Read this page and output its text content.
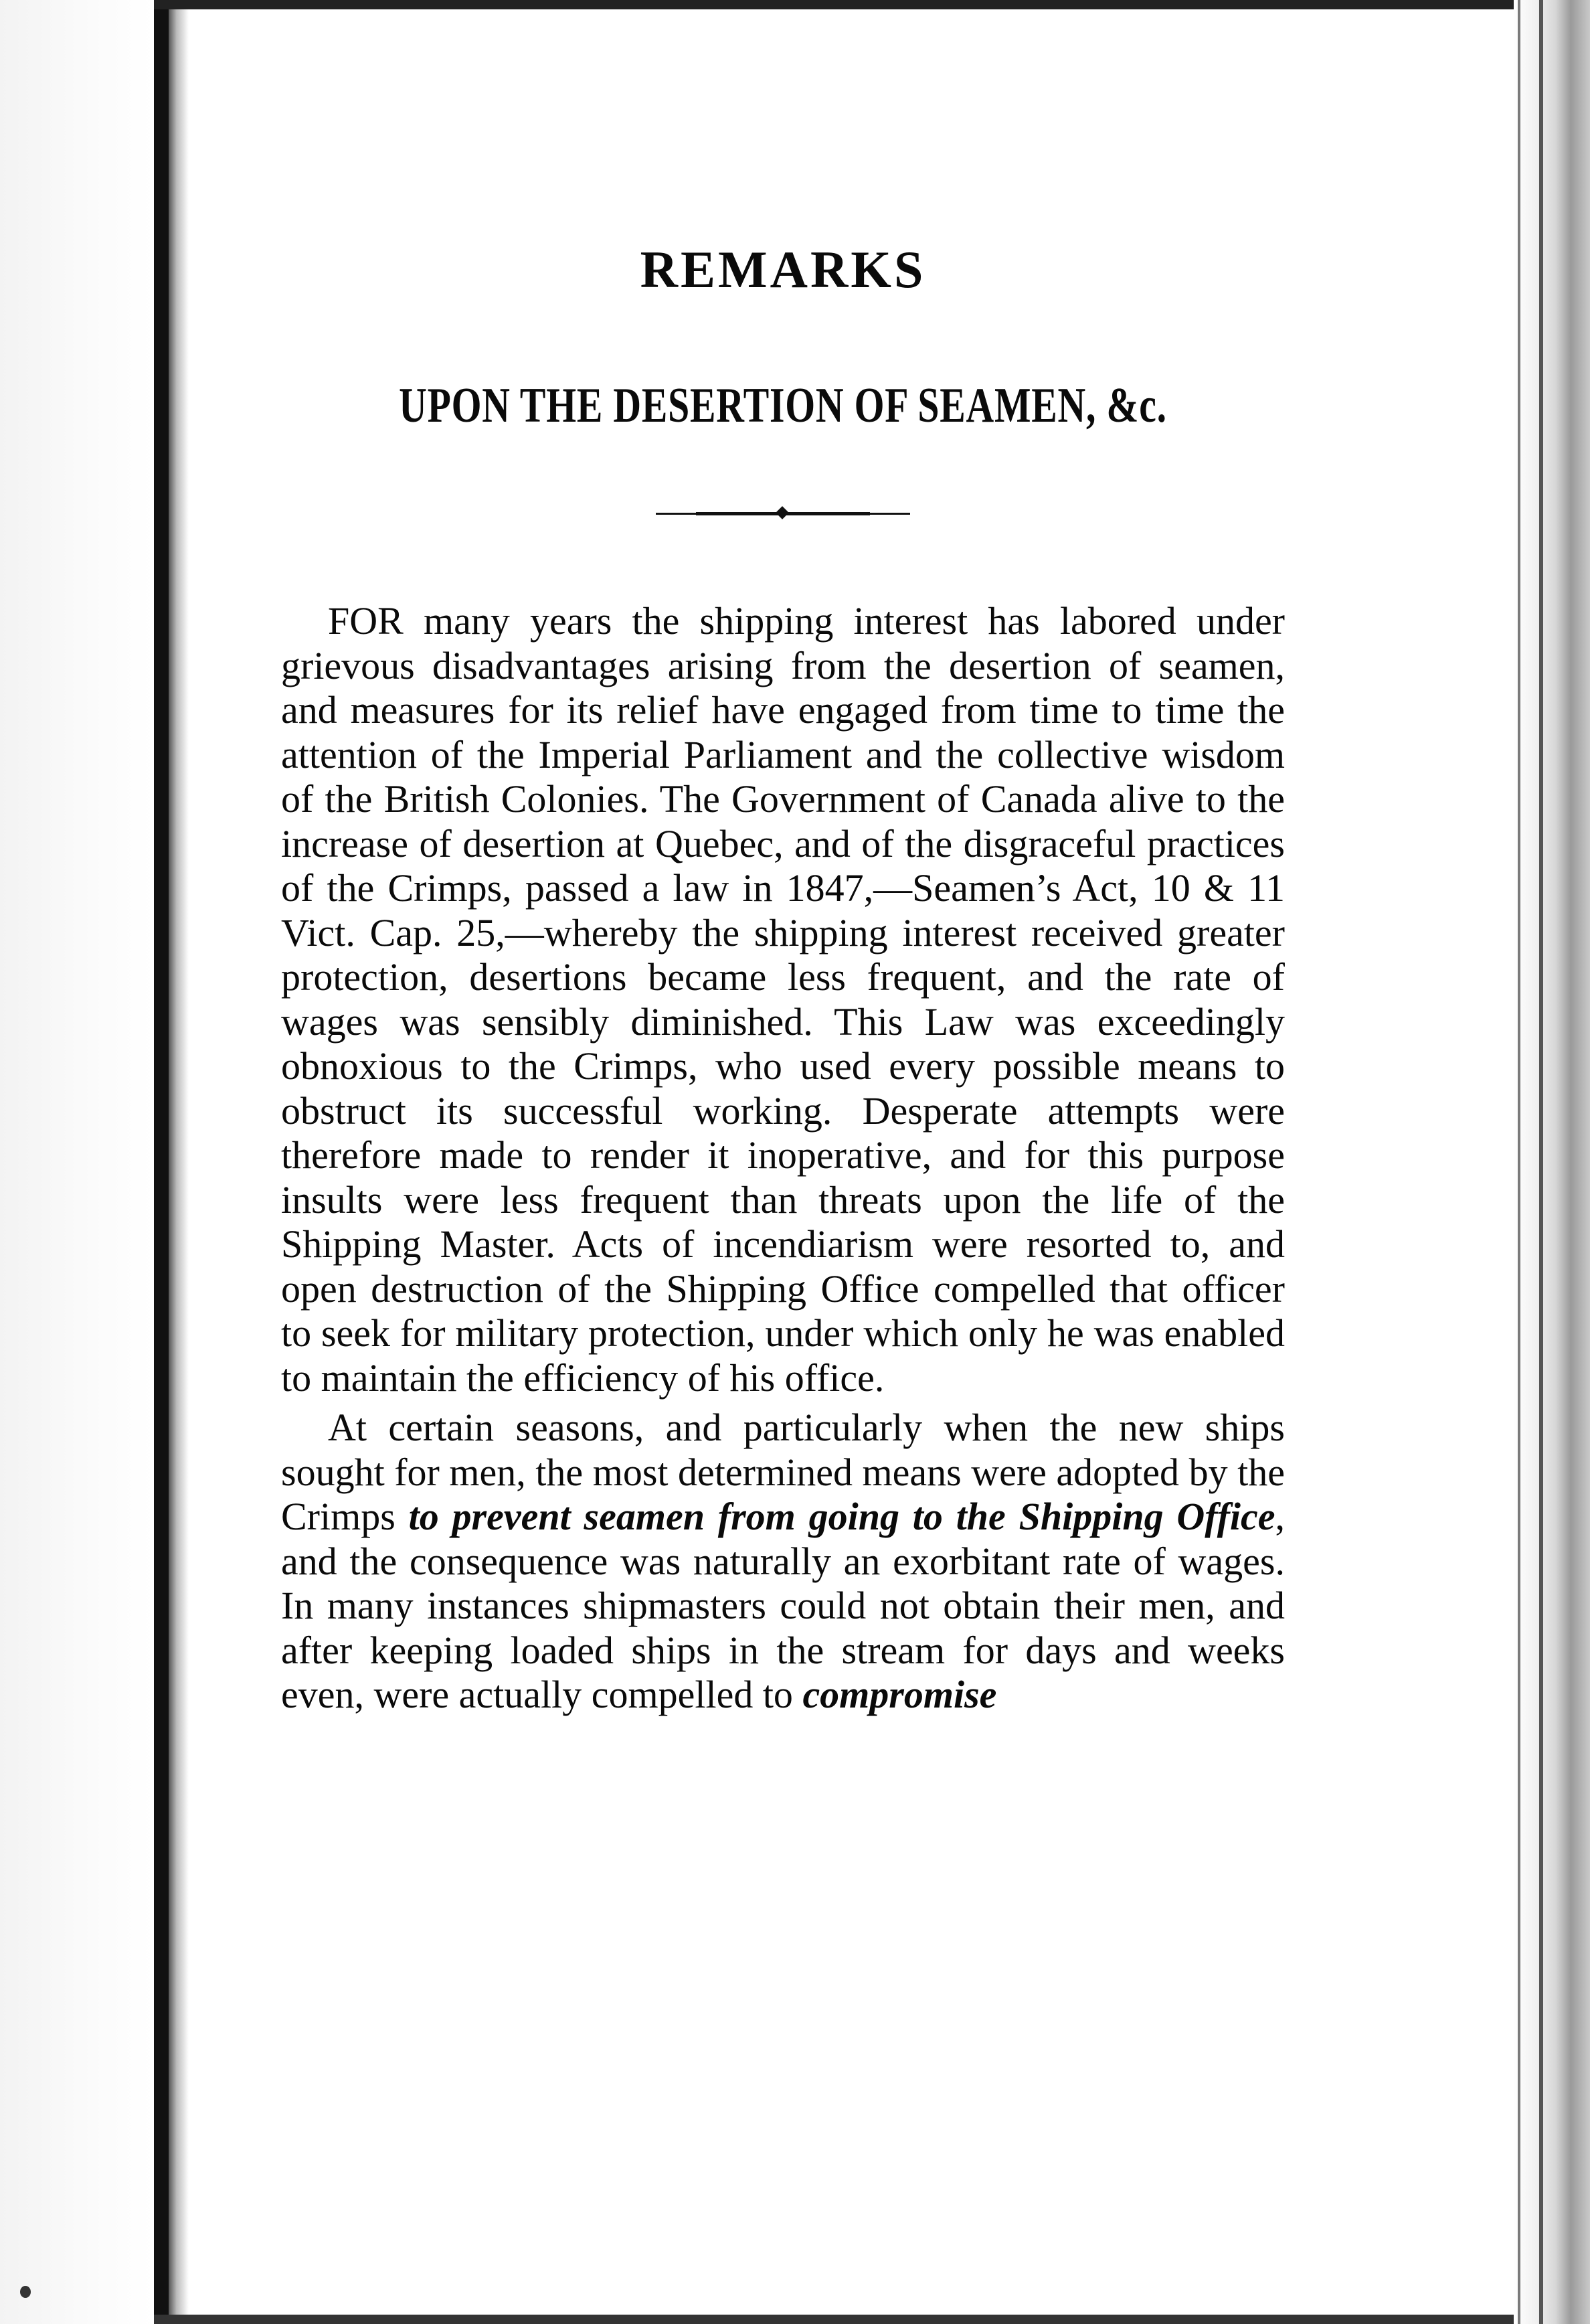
REMARKS
UPON THE DESERTION OF SEAMEN, &c.

FOR many years the shipping interest has labored under grievous disadvantages arising from the desertion of seamen, and measures for its relief have engaged from time to time the attention of the Imperial Parliament and the collective wisdom of the British Colonies. The Government of Canada alive to the increase of desertion at Quebec, and of the disgraceful practices of the Crimps, passed a law in 1847,—Seamen’s Act, 10 & 11 Vict. Cap. 25,—whereby the shipping interest received greater protection, desertions became less frequent, and the rate of wages was sensibly diminished. This Law was exceedingly obnoxious to the Crimps, who used every possible means to obstruct its successful working. Desperate attempts were therefore made to render it inoperative, and for this purpose insults were less frequent than threats upon the life of the Shipping Master. Acts of incendiarism were resorted to, and open destruction of the Shipping Office compelled that officer to seek for military protection, under which only he was enabled to maintain the efficiency of his office.

At certain seasons, and particularly when the new ships sought for men, the most determined means were adopted by the Crimps to prevent seamen from going to the Shipping Office, and the consequence was naturally an exorbitant rate of wages. In many instances shipmasters could not obtain their men, and after keeping loaded ships in the stream for days and weeks even, were actually compelled to compromise
